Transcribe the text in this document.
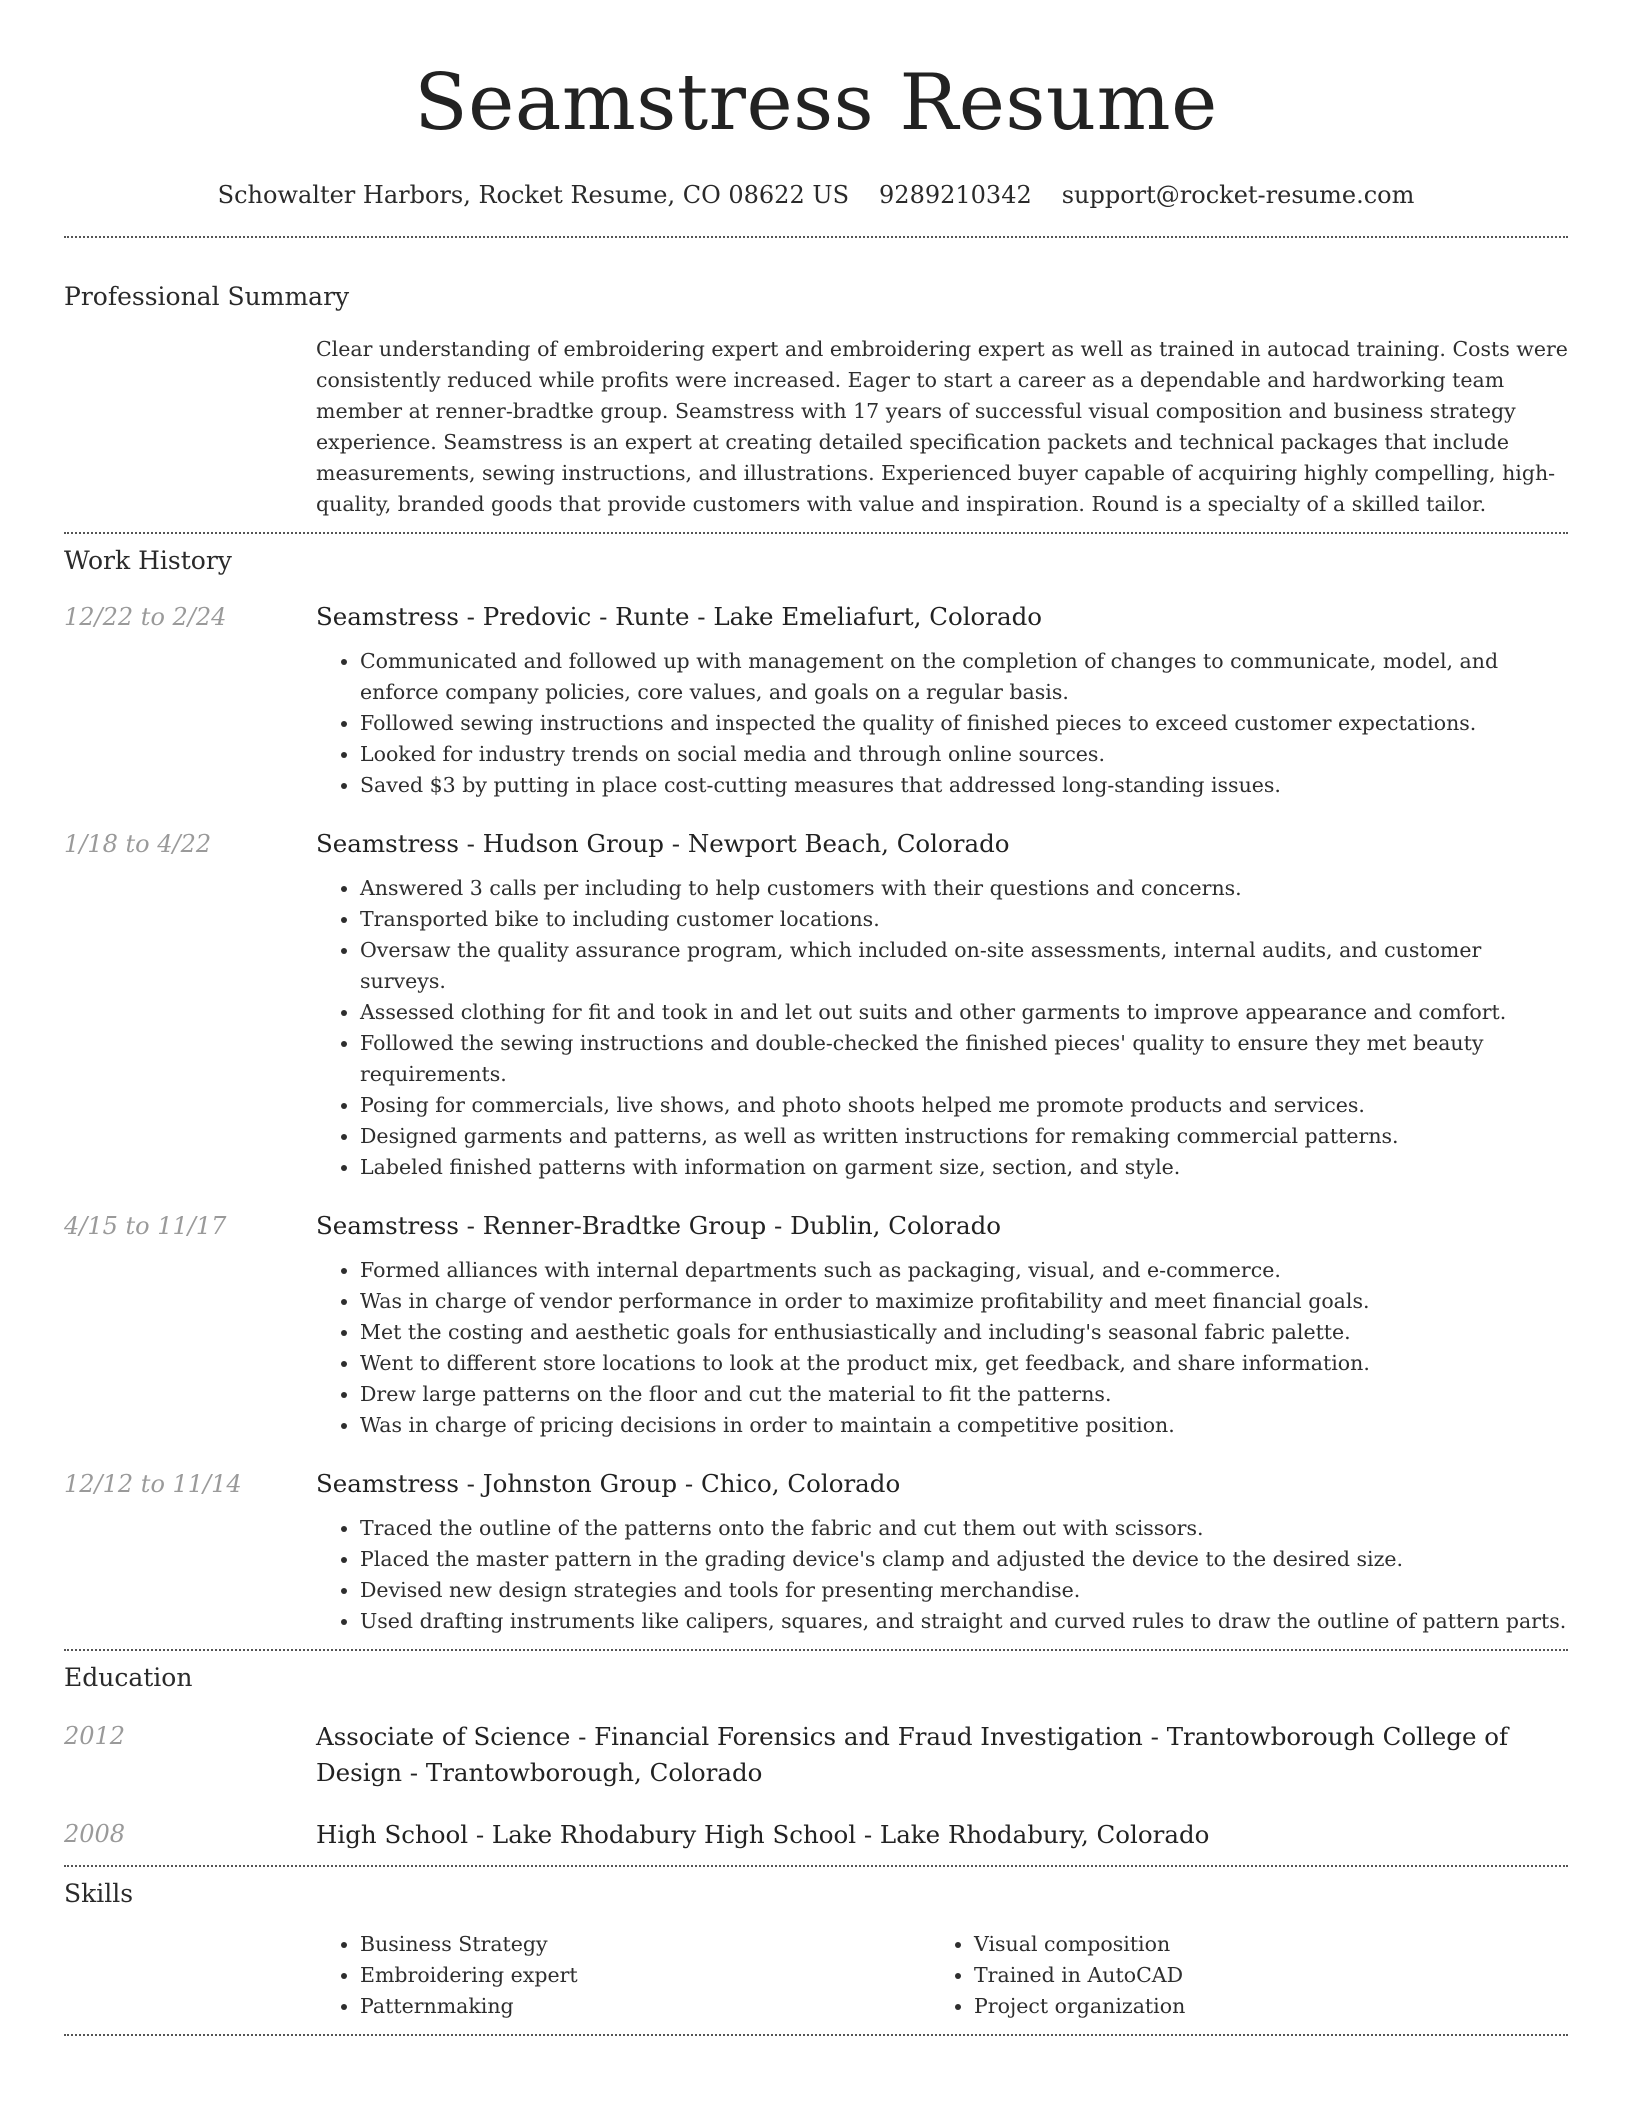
Seamstress Resume
Schowalter Harbors, Rocket Resume, CO 08622 US 9289210342 support@rocket-resume.com
Professional Summary
Clear understanding of embroidering expert and embroidering expert as well as trained in autocad training. Costs were consistently reduced while profits were increased. Eager to start a career as a dependable and hardworking team member at renner-bradtke group. Seamstress with 17 years of successful visual composition and business strategy experience. Seamstress is an expert at creating detailed specification packets and technical packages that include measurements, sewing instructions, and illustrations. Experienced buyer capable of acquiring highly compelling, high-quality, branded goods that provide customers with value and inspiration. Round is a specialty of a skilled tailor.
Work History
12/22 to 2/24	Seamstress - Predovic - Runte - Lake Emeliafurt, Colorado
• Communicated and followed up with management on the completion of changes to communicate, model, and enforce company policies, core values, and goals on a regular basis.
• Followed sewing instructions and inspected the quality of finished pieces to exceed customer expectations.
• Looked for industry trends on social media and through online sources.
• Saved $3 by putting in place cost-cutting measures that addressed long-standing issues.
1/18 to 4/22	Seamstress - Hudson Group - Newport Beach, Colorado
• Answered 3 calls per including to help customers with their questions and concerns.
• Transported bike to including customer locations.
• Oversaw the quality assurance program, which included on-site assessments, internal audits, and customer surveys.
• Assessed clothing for fit and took in and let out suits and other garments to improve appearance and comfort.
• Followed the sewing instructions and double-checked the finished pieces' quality to ensure they met beauty requirements.
• Posing for commercials, live shows, and photo shoots helped me promote products and services.
• Designed garments and patterns, as well as written instructions for remaking commercial patterns.
• Labeled finished patterns with information on garment size, section, and style.
4/15 to 11/17	Seamstress - Renner-Bradtke Group - Dublin, Colorado
• Formed alliances with internal departments such as packaging, visual, and e-commerce.
• Was in charge of vendor performance in order to maximize profitability and meet financial goals.
• Met the costing and aesthetic goals for enthusiastically and including's seasonal fabric palette.
• Went to different store locations to look at the product mix, get feedback, and share information.
• Drew large patterns on the floor and cut the material to fit the patterns.
• Was in charge of pricing decisions in order to maintain a competitive position.
12/12 to 11/14	Seamstress - Johnston Group - Chico, Colorado
• Traced the outline of the patterns onto the fabric and cut them out with scissors.
• Placed the master pattern in the grading device's clamp and adjusted the device to the desired size.
• Devised new design strategies and tools for presenting merchandise.
• Used drafting instruments like calipers, squares, and straight and curved rules to draw the outline of pattern parts.
Education
2012	Associate of Science - Financial Forensics and Fraud Investigation - Trantowborough College of Design - Trantowborough, Colorado
2008	High School - Lake Rhodabury High School - Lake Rhodabury, Colorado
Skills
• Business Strategy
• Embroidering expert
• Patternmaking
• Visual composition
• Trained in AutoCAD
• Project organization
